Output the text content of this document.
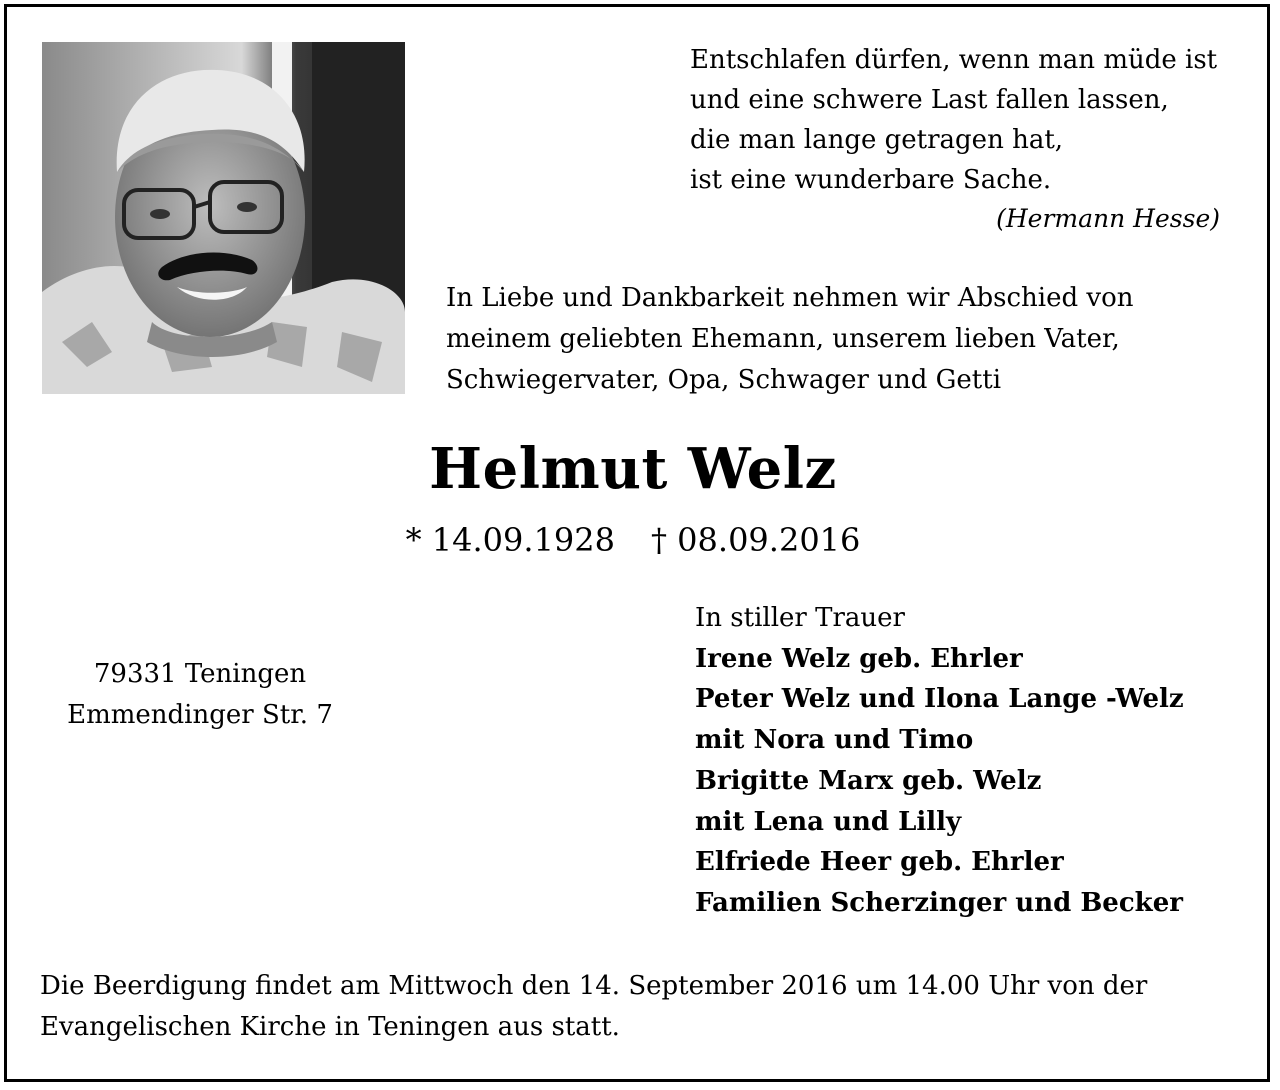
Entschlafen dürfen, wenn man müde ist
und eine schwere Last fallen lassen,
die man lange getragen hat,
ist eine wunderbare Sache.
(Hermann Hesse)
In Liebe und Dankbarkeit nehmen wir Abschied von
meinem geliebten Ehemann, unserem lieben Vater,
Schwiegervater, Opa, Schwager und Getti
Helmut Welz
* 14.09.1928 † 08.09.2016
79331 Teningen
Emmendinger Str. 7
In stiller Trauer
Irene Welz geb. Ehrler
Peter Welz und Ilona Lange -Welz
mit Nora und Timo
Brigitte Marx geb. Welz
mit Lena und Lilly
Elfriede Heer geb. Ehrler
Familien Scherzinger und Becker
Die Beerdigung findet am Mittwoch den 14. September 2016 um 14.00 Uhr von der
Evangelischen Kirche in Teningen aus statt.
